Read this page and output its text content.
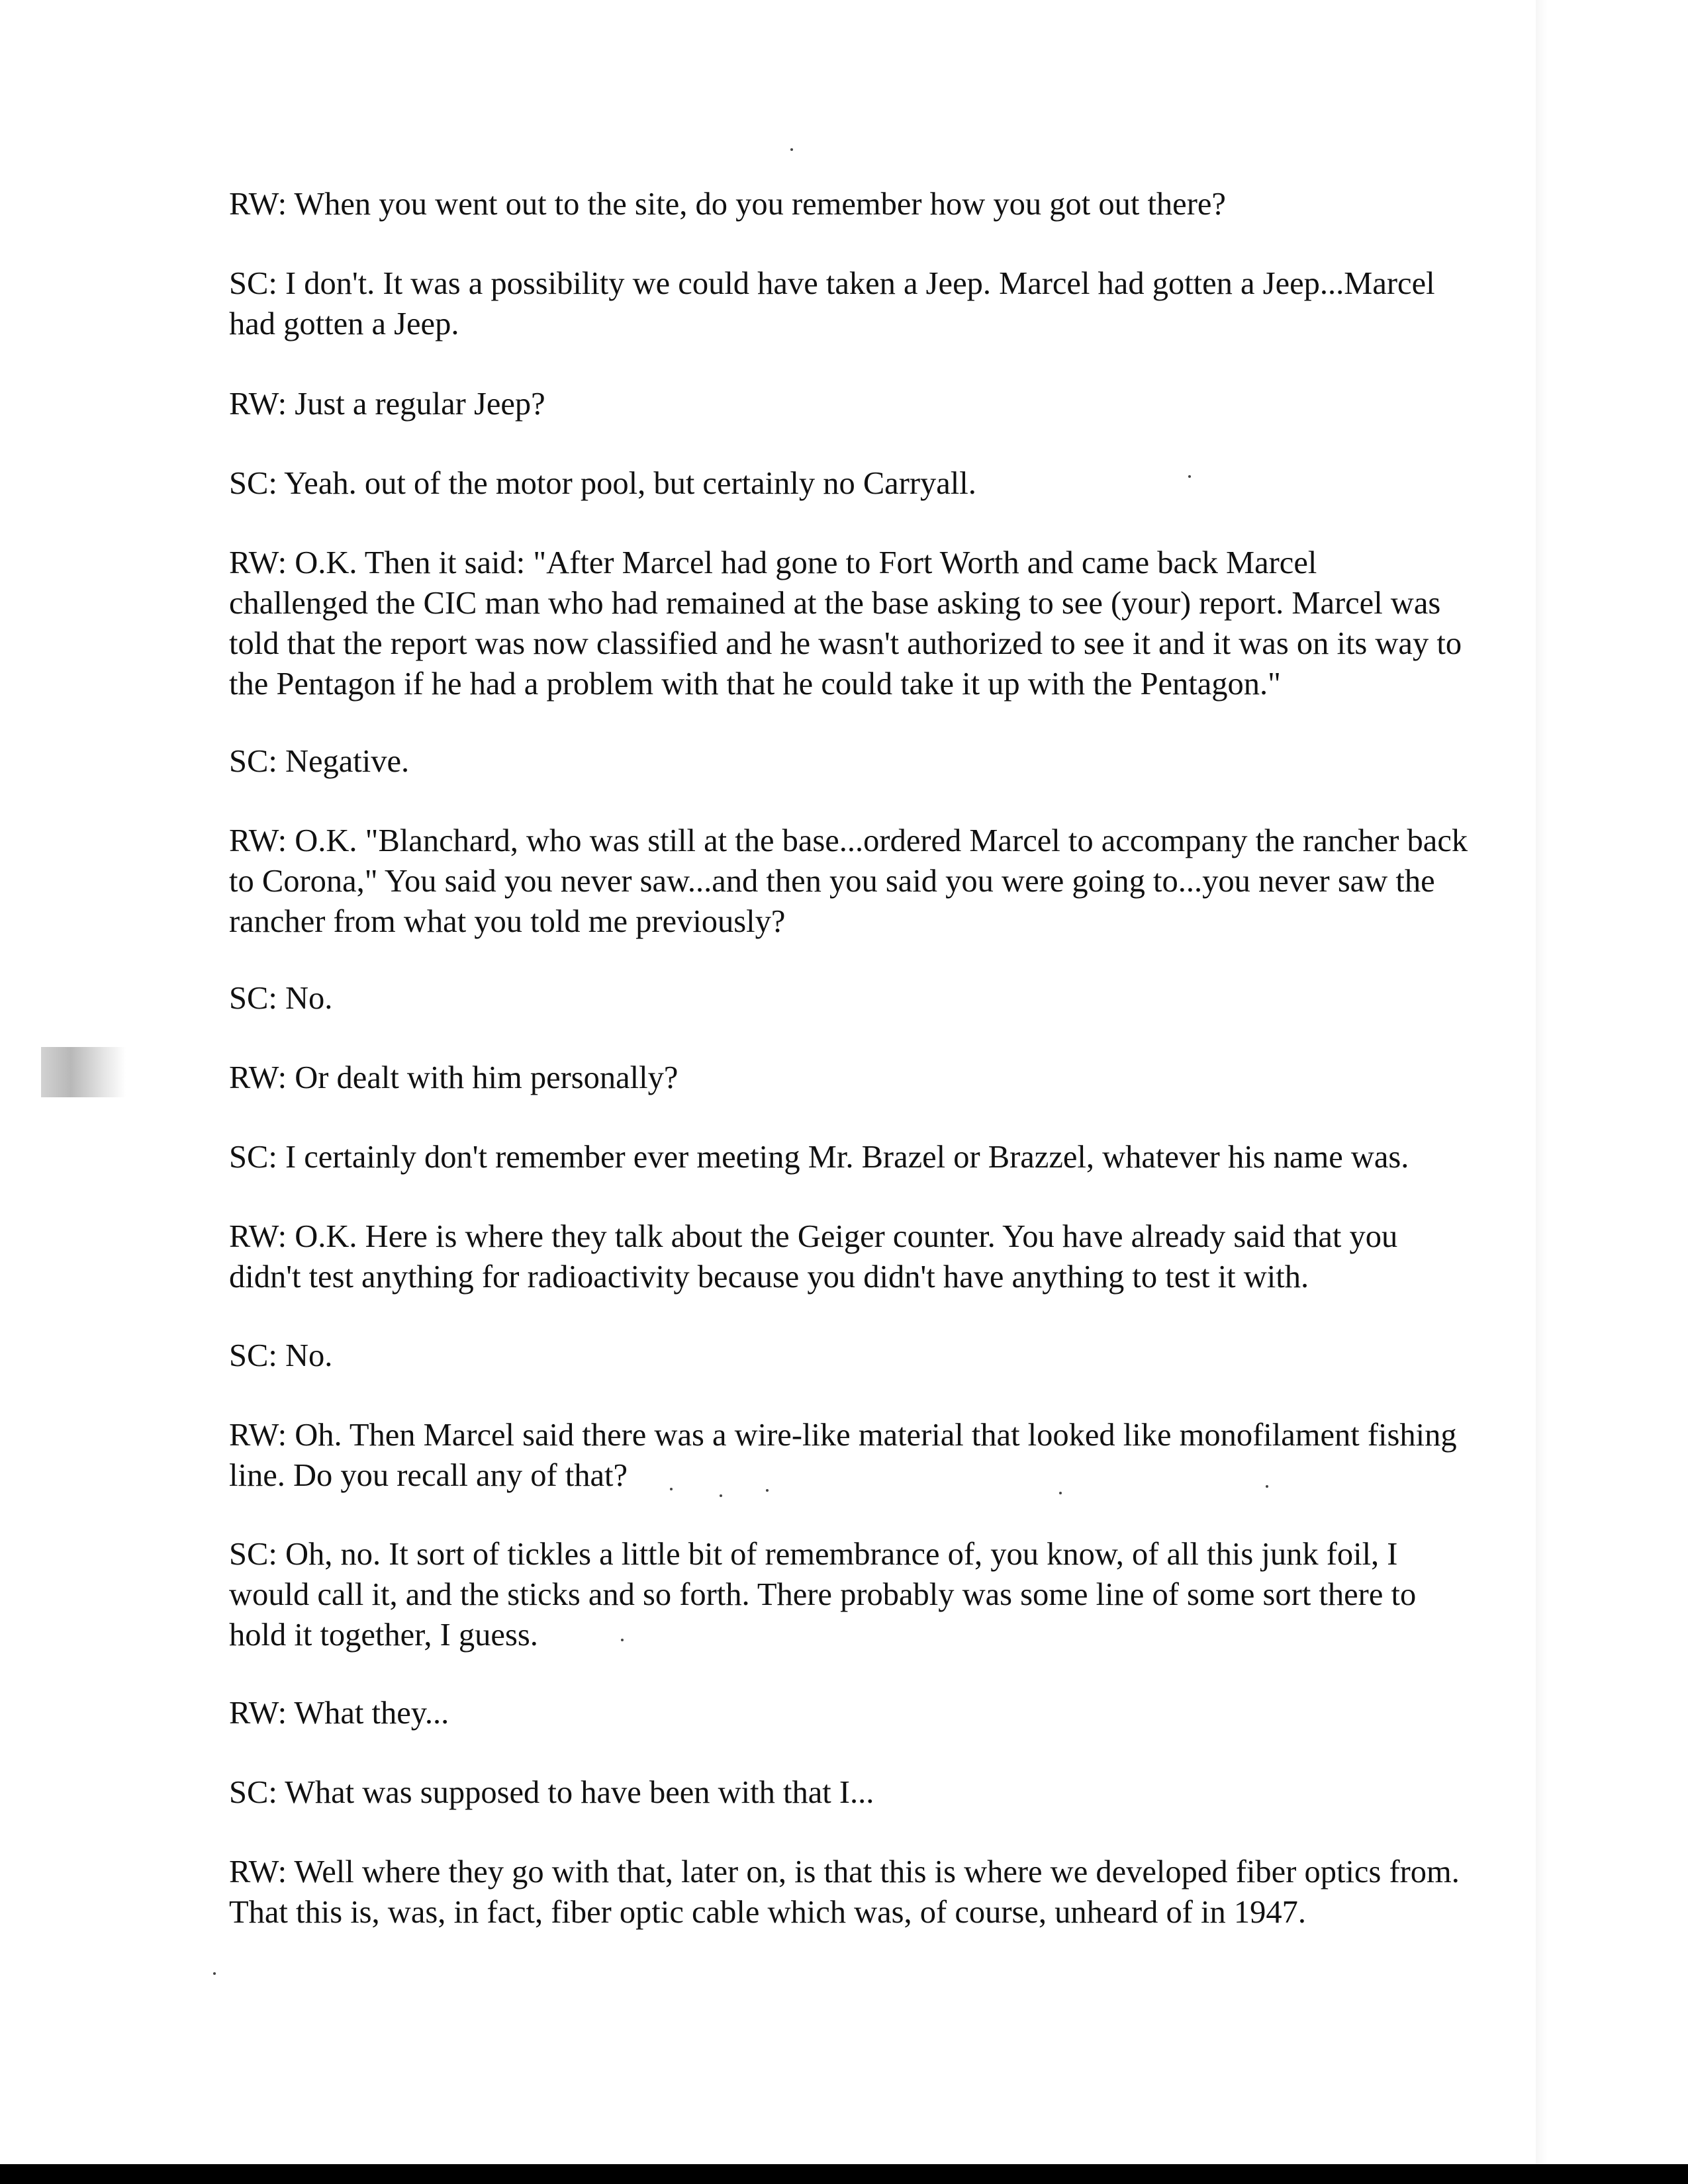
RW: When you went out to the site, do you remember how you got out there?
SC: I don't. It was a possibility we could have taken a Jeep. Marcel had gotten a Jeep...Marcel
had gotten a Jeep.
RW: Just a regular Jeep?
SC: Yeah. out of the motor pool, but certainly no Carryall.
RW: O.K. Then it said: "After Marcel had gone to Fort Worth and came back Marcel
challenged the CIC man who had remained at the base asking to see (your) report. Marcel was
told that the report was now classified and he wasn't authorized to see it and it was on its way to
the Pentagon if he had a problem with that he could take it up with the Pentagon."
SC: Negative.
RW: O.K. "Blanchard, who was still at the base...ordered Marcel to accompany the rancher back
to Corona," You said you never saw...and then you said you were going to...you never saw the
rancher from what you told me previously?
SC: No.
RW: Or dealt with him personally?
SC: I certainly don't remember ever meeting Mr. Brazel or Brazzel, whatever his name was.
RW: O.K. Here is where they talk about the Geiger counter. You have already said that you
didn't test anything for radioactivity because you didn't have anything to test it with.
SC: No.
RW: Oh. Then Marcel said there was a wire-like material that looked like monofilament fishing
line. Do you recall any of that?
SC: Oh, no. It sort of tickles a little bit of remembrance of, you know, of all this junk foil, I
would call it, and the sticks and so forth. There probably was some line of some sort there to
hold it together, I guess.
RW: What they...
SC: What was supposed to have been with that I...
RW: Well where they go with that, later on, is that this is where we developed fiber optics from.
That this is, was, in fact, fiber optic cable which was, of course, unheard of in 1947.
